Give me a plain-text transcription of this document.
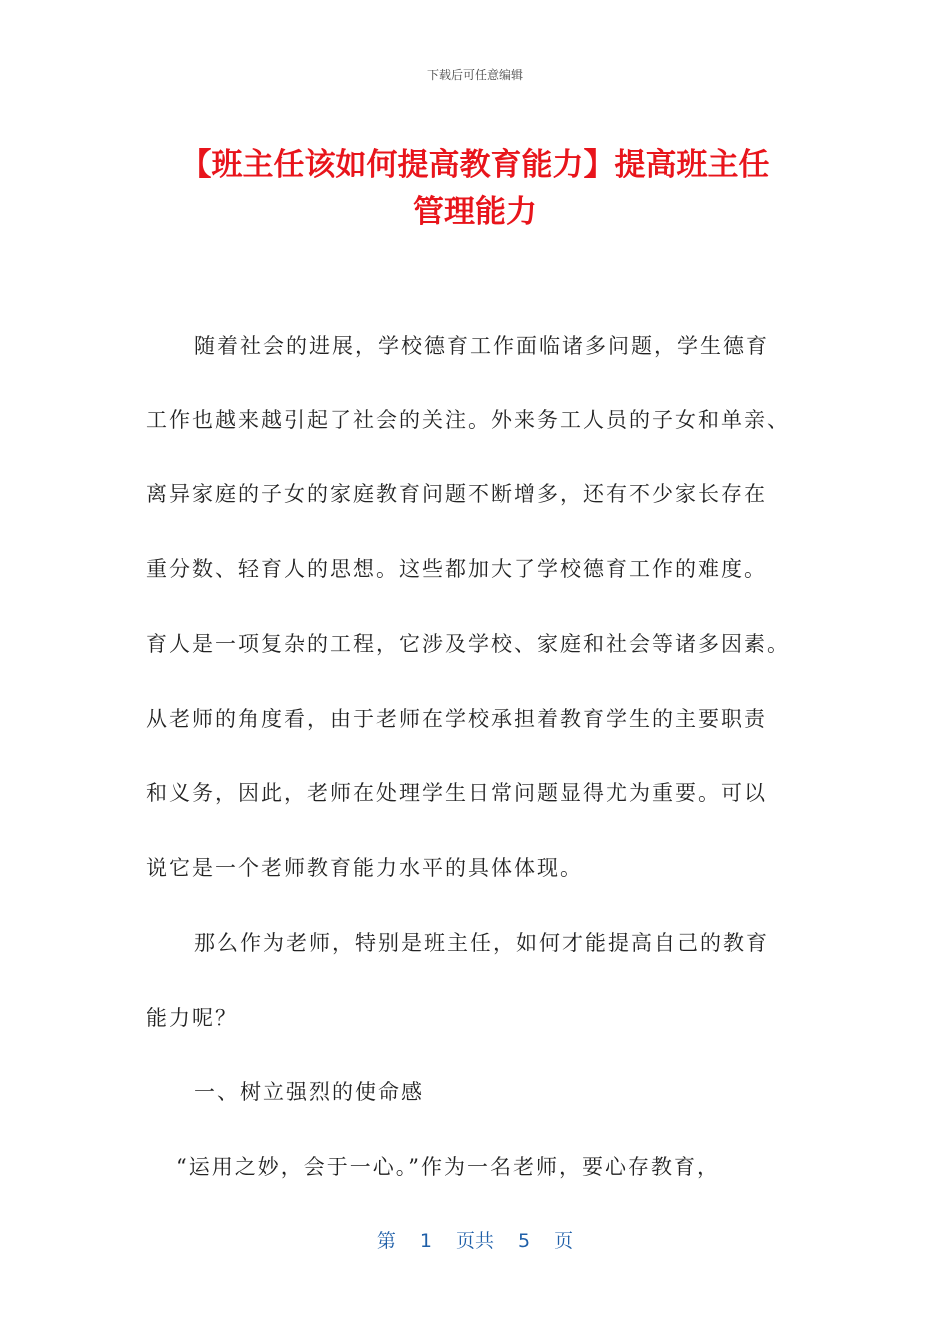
下载后可任意编辑
【班主任该如何提高教育能力】提高班主任
管理能力
随着社会的进展，学校德育工作面临诸多问题，学生德育
工作也越来越引起了社会的关注。外来务工人员的子女和单亲、
离异家庭的子女的家庭教育问题不断增多，还有不少家长存在
重分数、轻育人的思想。这些都加大了学校德育工作的难度。
育人是一项复杂的工程，它涉及学校、家庭和社会等诸多因素。
从老师的角度看，由于老师在学校承担着教育学生的主要职责
和义务，因此，老师在处理学生日常问题显得尤为重要。可以
说它是一个老师教育能力水平的具体体现。
那么作为老师，特别是班主任，如何才能提高自己的教育
能力呢？
一、树立强烈的使命感
“运用之妙，会于一心。”作为一名老师，要心存教育，
第 1 页共 5 页
